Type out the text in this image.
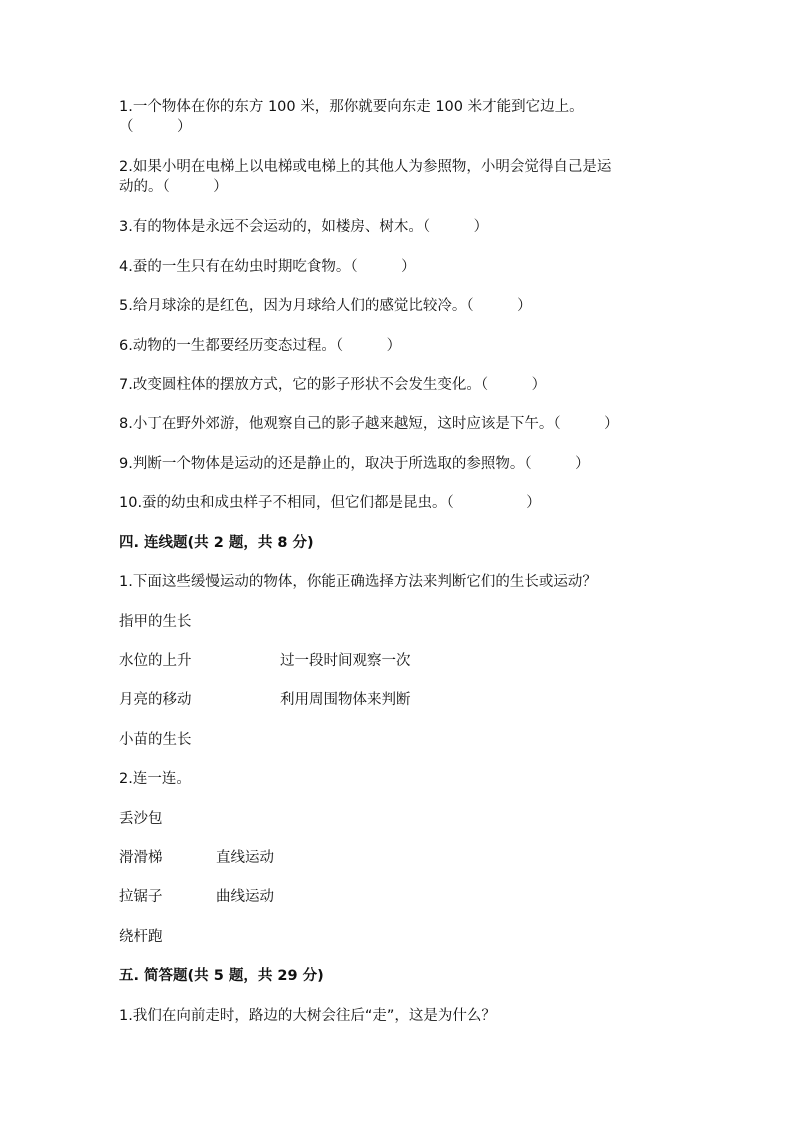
1.一个物体在你的东方 100 米，那你就要向东走 100 米才能到它边上。
（　　　）
2.如果小明在电梯上以电梯或电梯上的其他人为参照物，小明会觉得自己是运
动的。（　　　）
3.有的物体是永远不会运动的，如楼房、树木。（　　　）
4.蚕的一生只有在幼虫时期吃食物。（　　　）
5.给月球涂的是红色，因为月球给人们的感觉比较冷。（　　　）
6.动物的一生都要经历变态过程。（　　　）
7.改变圆柱体的摆放方式，它的影子形状不会发生变化。（　　　）
8.小丁在野外郊游，他观察自己的影子越来越短，这时应该是下午。（　　　）
9.判断一个物体是运动的还是静止的，取决于所选取的参照物。（　　　）
10.蚕的幼虫和成虫样子不相同，但它们都是昆虫。（　　　　　）
四. 连线题(共 2 题，共 8 分)
1.下面这些缓慢运动的物体，你能正确选择方法来判断它们的生长或运动？
指甲的生长
水位的上升	过一段时间观察一次
月亮的移动	利用周围物体来判断
小苗的生长
2.连一连。
丢沙包
滑滑梯	直线运动
拉锯子	曲线运动
绕杆跑
五. 简答题(共 5 题，共 29 分)
1.我们在向前走时，路边的大树会往后“走”，这是为什么？
